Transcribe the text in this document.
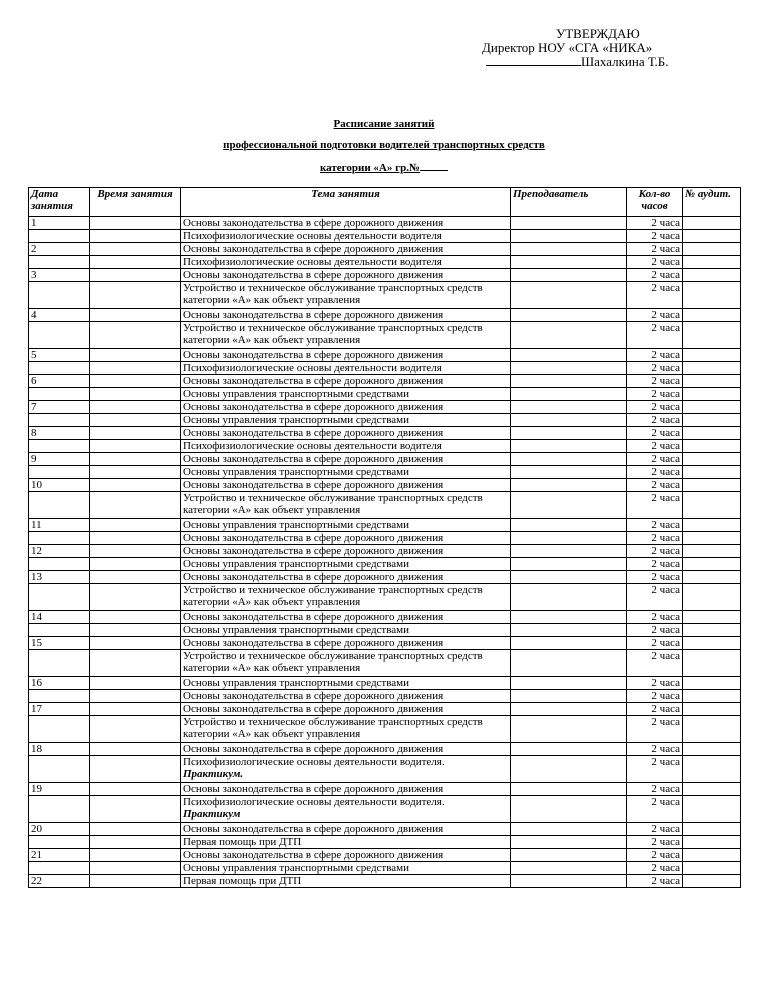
УТВЕРЖДАЮ
Директор НОУ «СГА «НИКА»
Шахалкина Т.Б.
Расписание занятий
профессиональной подготовки водителей транспортных средств
категории «А» гр.№
Дата занятия	Время занятия	Тема занятия	Преподаватель	Кол-во часов	№ аудит.
1		Основы законодательства в сфере дорожного движения		2 часа	
		Психофизиологические основы деятельности водителя		2 часа	
2		Основы законодательства в сфере дорожного движения		2 часа	
		Психофизиологические основы деятельности водителя		2 часа	
3		Основы законодательства в сфере дорожного движения		2 часа	
		Устройство и техническое обслуживание транспортных средств категории «А» как объект управления		2 часа	
4		Основы законодательства в сфере дорожного движения		2 часа	
		Устройство и техническое обслуживание транспортных средств категории «А» как объект управления		2 часа	
5		Основы законодательства в сфере дорожного движения		2 часа	
		Психофизиологические основы деятельности водителя		2 часа	
6		Основы законодательства в сфере дорожного движения		2 часа	
		Основы управления транспортными средствами		2 часа	
7		Основы законодательства в сфере дорожного движения		2 часа	
		Основы управления транспортными средствами		2 часа	
8		Основы законодательства в сфере дорожного движения		2 часа	
		Психофизиологические основы деятельности водителя		2 часа	
9		Основы законодательства в сфере дорожного движения		2 часа	
		Основы управления транспортными средствами		2 часа	
10		Основы законодательства в сфере дорожного движения		2 часа	
		Устройство и техническое обслуживание транспортных средств категории «А» как объект управления		2 часа	
11		Основы управления транспортными средствами		2 часа	
		Основы законодательства в сфере дорожного движения		2 часа	
12		Основы законодательства в сфере дорожного движения		2 часа	
		Основы управления транспортными средствами		2 часа	
13		Основы законодательства в сфере дорожного движения		2 часа	
		Устройство и техническое обслуживание транспортных средств категории «А» как объект управления		2 часа	
14		Основы законодательства в сфере дорожного движения		2 часа	
		Основы управления транспортными средствами		2 часа	
15		Основы законодательства в сфере дорожного движения		2 часа	
		Устройство и техническое обслуживание транспортных средств категории «А» как объект управления		2 часа	
16		Основы управления транспортными средствами		2 часа	
		Основы законодательства в сфере дорожного движения		2 часа	
17		Основы законодательства в сфере дорожного движения		2 часа	
		Устройство и техническое обслуживание транспортных средств категории «А» как объект управления		2 часа	
18		Основы законодательства в сфере дорожного движения		2 часа	
		Психофизиологические основы деятельности водителя.
Практикум.		2 часа	
19		Основы законодательства в сфере дорожного движения		2 часа	
		Психофизиологические основы деятельности водителя.
Практикум		2 часа	
20		Основы законодательства в сфере дорожного движения		2 часа	
		Первая помощь при ДТП		2 часа	
21		Основы законодательства в сфере дорожного движения		2 часа	
		Основы управления транспортными средствами		2 часа	
22		Первая помощь при ДТП		2 часа	
